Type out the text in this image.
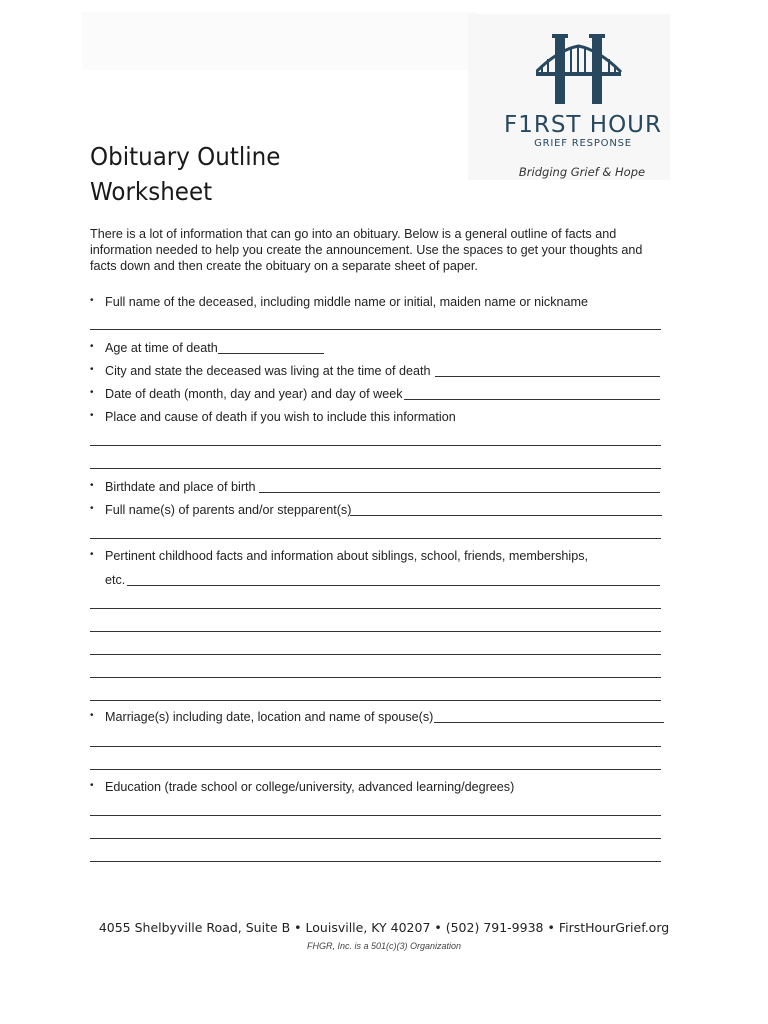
F1RST HOUR
GRIEF RESPONSE
Bridging Grief & Hope
Obituary Outline Worksheet

There is a lot of information that can go into an obituary. Below is a general outline of facts and information needed to help you create the announcement. Use the spaces to get your thoughts and facts down and then create the obituary on a separate sheet of paper.

• Full name of the deceased, including middle name or initial, maiden name or nickname
• Age at time of death
• City and state the deceased was living at the time of death
• Date of death (month, day and year) and day of week
• Place and cause of death if you wish to include this information
• Birthdate and place of birth
• Full name(s) of parents and/or stepparent(s)
• Pertinent childhood facts and information about siblings, school, friends, memberships,
etc.
• Marriage(s) including date, location and name of spouse(s)
• Education (trade school or college/university, advanced learning/degrees)
4055 Shelbyville Road, Suite B • Louisville, KY 40207 • (502) 791-9938 • FirstHourGrief.org
FHGR, Inc. is a 501(c)(3) Organization
